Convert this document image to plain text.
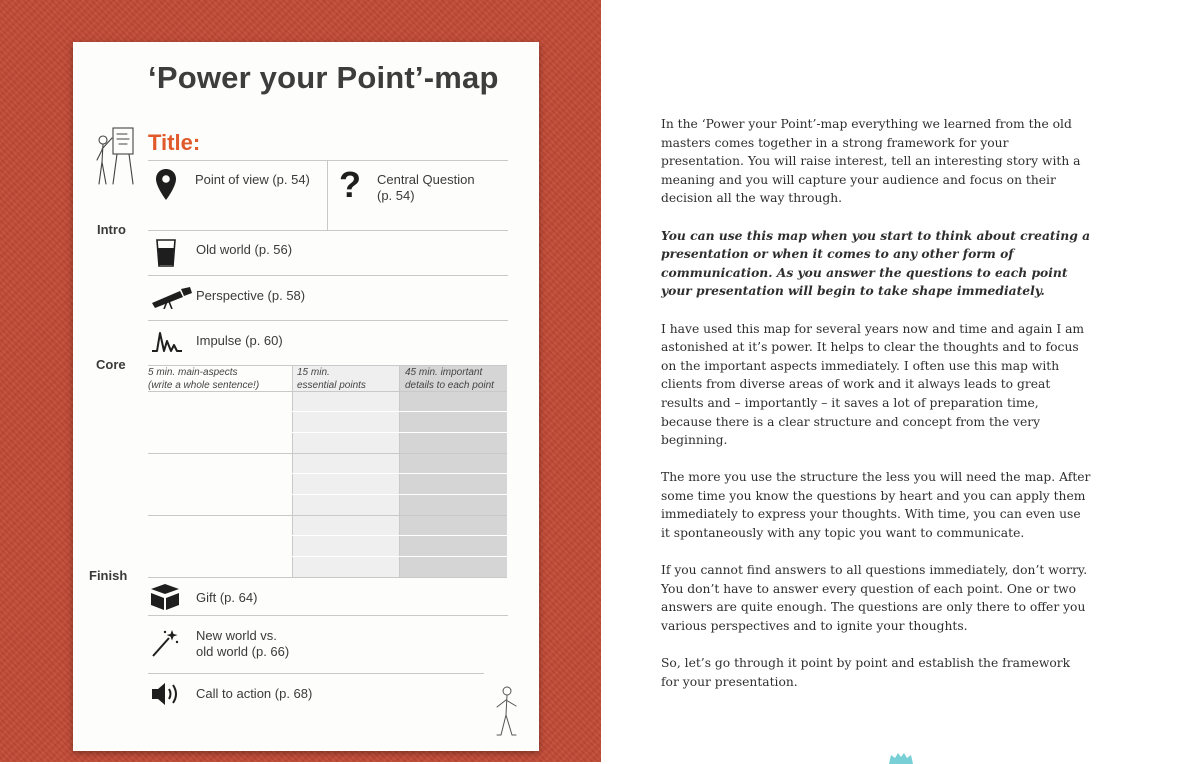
‘Power your Point’-map
Title:
Point of view (p. 54) ? Central Question
(p. 54)
Intro
Old world (p. 56)
Perspective (p. 58)
Impulse (p. 60)
Core
5 min. main-aspects
(write a whole sentence!)
15 min.
essential points
45 min. important
details to each point
Finish
Gift (p. 64)
New world vs.
old world (p. 66)
Call to action (p. 68)

In the ‘Power your Point’-map everything we learned from the old masters comes together in a strong framework for your presentation. You will raise interest, tell an interesting story with a meaning and you will capture your audience and focus on their decision all the way through.

You can use this map when you start to think about creating a presentation or when it comes to any other form of communication. As you answer the questions to each point your presentation will begin to take shape immediately.

I have used this map for several years now and time and again I am astonished at it’s power. It helps to clear the thoughts and to focus on the important aspects immediately. I often use this map with clients from diverse areas of work and it always leads to great results and – importantly – it saves a lot of preparation time, because there is a clear structure and concept from the very beginning.

The more you use the structure the less you will need the map. After some time you know the questions by heart and you can apply them immediately to express your thoughts. With time, you can even use it spontaneously with any topic you want to communicate.

If you cannot find answers to all questions immediately, don’t worry. You don’t have to answer every question of each point. One or two answers are quite enough. The questions are only there to offer you various perspectives and to ignite your thoughts.

So, let’s go through it point by point and establish the framework for your presentation.
